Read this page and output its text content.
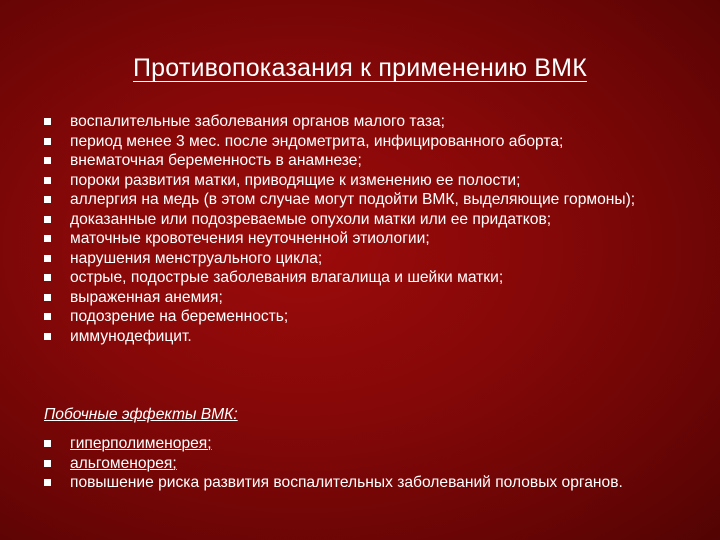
Противопоказания к применению ВМК
воспалительные заболевания органов малого таза;
период менее 3 мес. после эндометрита, инфицированного аборта;
внематочная беременность в анамнезе;
пороки развития матки, приводящие к изменению ее полости;
аллергия на медь (в этом случае могут подойти ВМК, выделяющие гормоны);
доказанные или подозреваемые опухоли матки или ее придатков;
маточные кровотечения неуточненной этиологии;
нарушения менструального цикла;
острые, подострые заболевания влагалища и шейки матки;
выраженная анемия;
подозрение на беременность;
иммунодефицит.
Побочные эффекты ВМК:
гиперполименорея;
альгоменорея;
повышение риска развития воспалительных заболеваний половых органов.
